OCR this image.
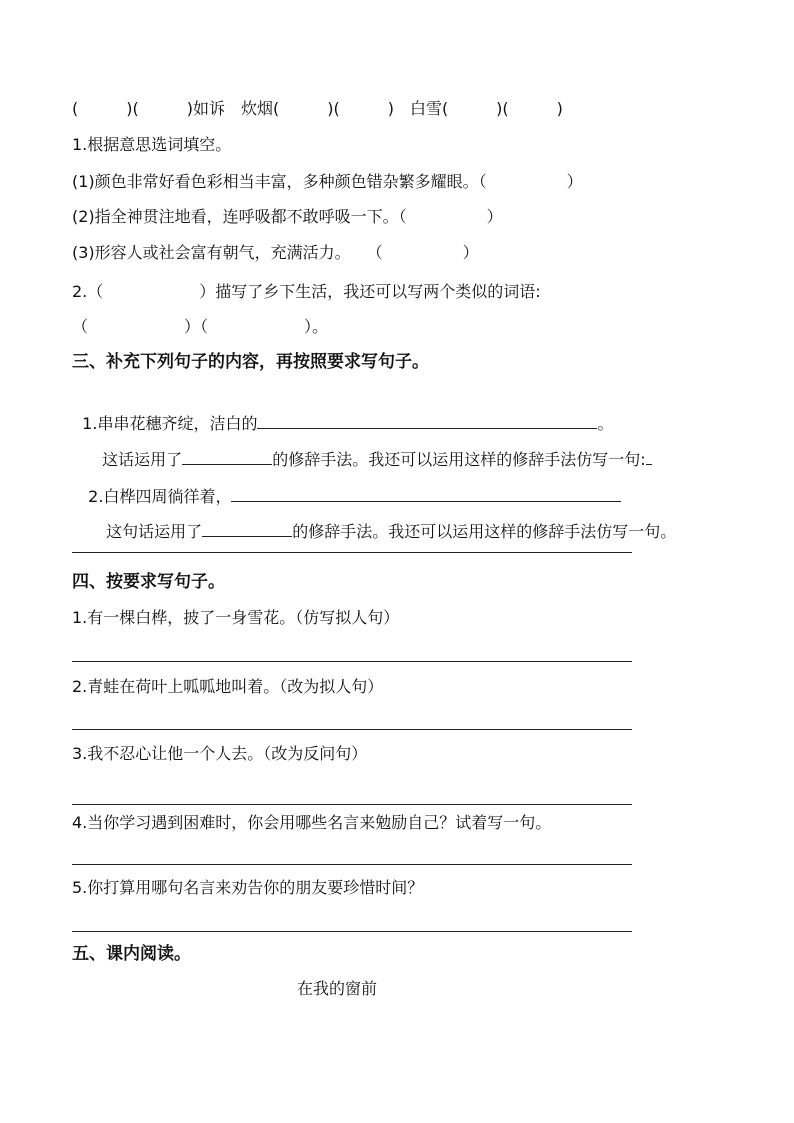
(　　　)(　　　)如诉　炊烟(　　　)(　　　)　白雪(　　　)(　　　)
1.根据意思选词填空。
(1)颜色非常好看色彩相当丰富，多种颜色错杂繁多耀眼。（　　　　　）
(2)指全神贯注地看，连呼吸都不敢呼吸一下。（　　　　　）
(3)形容人或社会富有朝气，充满活力。　　（　　　　　）
2.（　　　　　　）描写了乡下生活，我还可以写两个类似的词语:
（　　　　　　）（　　　　　　）。
三、补充下列句子的内容，再按照要求写句子。

1.串串花穗齐绽，洁白的	。

这话运用了	的修辞手法。我还可以运用这样的修辞手法仿写一句:

2.白桦四周徜徉着，

这句话运用了	的修辞手法。我还可以运用这样的修辞手法仿写一句。

四、按要求写句子。
1.有一棵白桦，披了一身雪花。（仿写拟人句）
2.青蛙在荷叶上呱呱地叫着。（改为拟人句）
3.我不忍心让他一个人去。（改为反问句）
4.当你学习遇到困难时，你会用哪些名言来勉励自己？试着写一句。
5.你打算用哪句名言来劝告你的朋友要珍惜时间？
五、课内阅读。
在我的窗前
